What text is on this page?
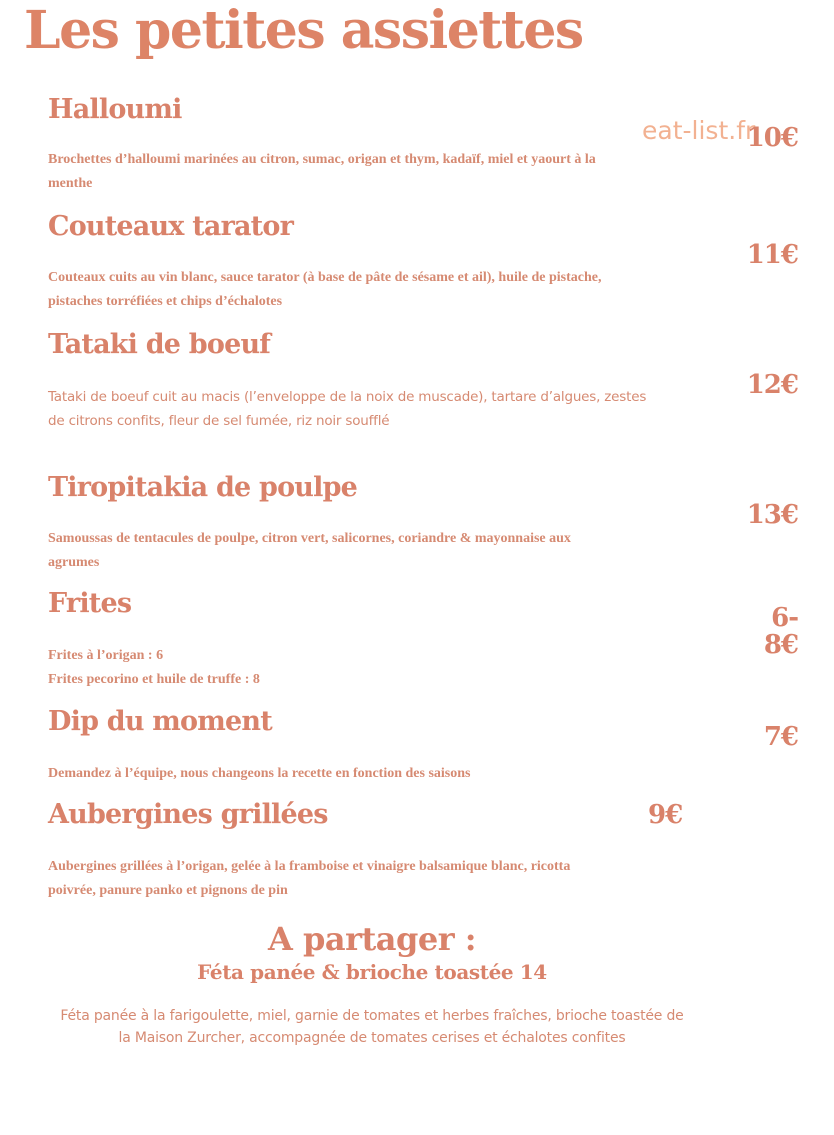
Les petites assiettes
eat-list.fr
Halloumi
10€
Brochettes d’halloumi marinées au citron, sumac, origan et thym, kadaïf, miel et yaourt à la
menthe
Couteaux tarator
11€
Couteaux cuits au vin blanc, sauce tarator (à base de pâte de sésame et ail), huile de pistache,
pistaches torréfiées et chips d’échalotes
Tataki de boeuf
12€
Tataki de boeuf cuit au macis (l’enveloppe de la noix de muscade), tartare d’algues, zestes
de citrons confits, fleur de sel fumée, riz noir soufflé
Tiropitakia de poulpe
13€
Samoussas de tentacules de poulpe, citron vert, salicornes, coriandre & mayonnaise aux
agrumes
Frites	6-
8€
Frites à l’origan : 6
Frites pecorino et huile de truffe : 8
Dip du moment	7€
Demandez à l’équipe, nous changeons la recette en fonction des saisons
Aubergines grillées	9€
Aubergines grillées à l’origan, gelée à la framboise et vinaigre balsamique blanc, ricotta
poivrée, panure panko et pignons de pin
A partager :
Féta panée & brioche toastée 14
Féta panée à la farigoulette, miel, garnie de tomates et herbes fraîches, brioche toastée de
la Maison Zurcher, accompagnée de tomates cerises et échalotes confites
